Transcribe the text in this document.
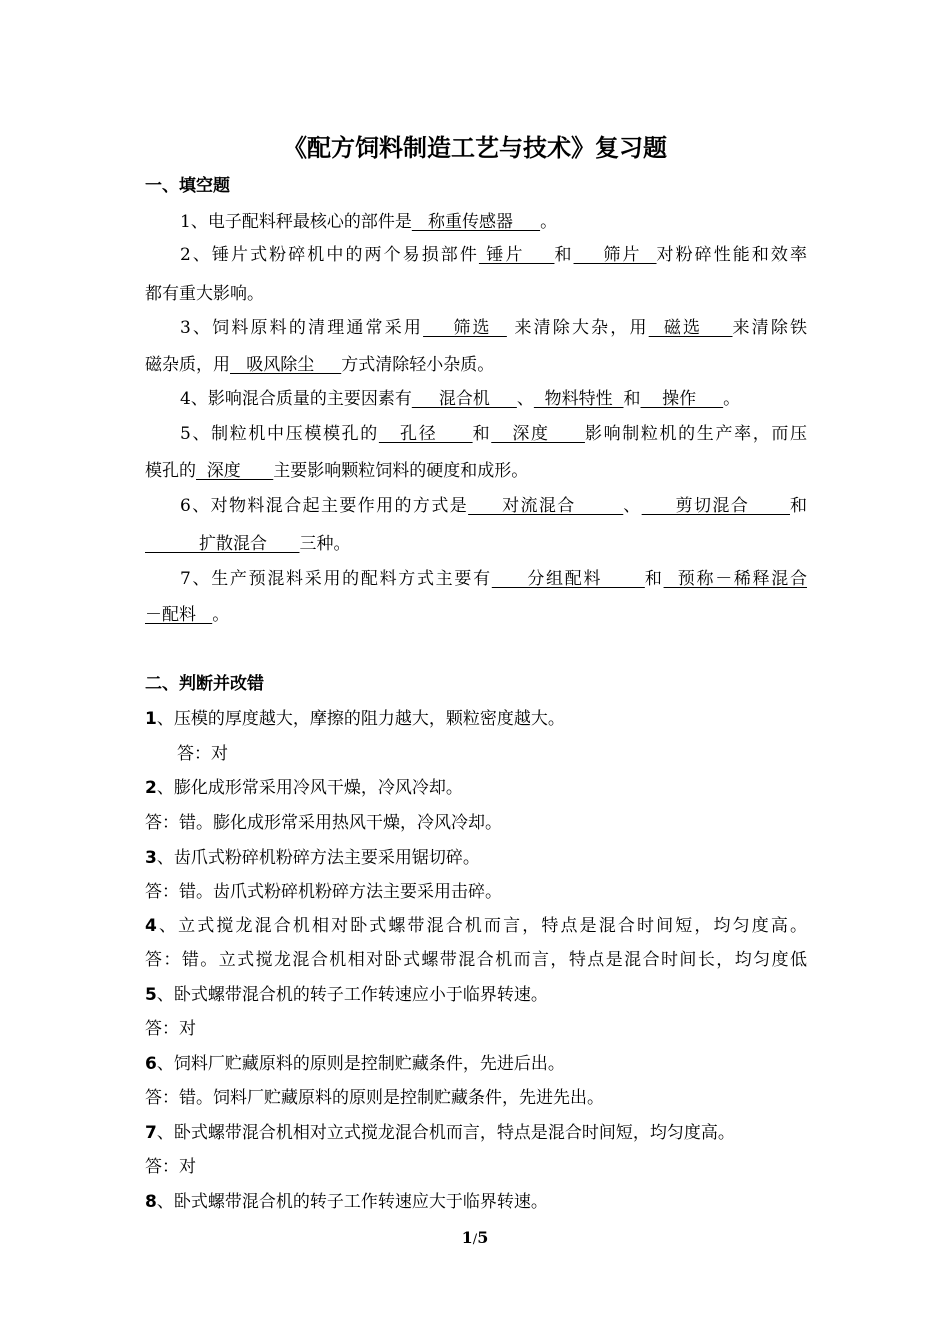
《配方饲料制造工艺与技术》复习题
一、填空题
1、电子配料秤最核心的部件是   称重传感器     。
2、锤片式粉碎机中的两个易损部件 锤片    和    筛片  对粉碎性能和效率
都有重大影响。
3、饲料原料的清理通常采用    筛选   来清除大杂，用  磁选    来清除铁
磁杂质，用   吸风除尘     方式清除轻小杂质。
4、影响混合质量的主要因素有     混合机     、  物料特性  和    操作     。
5、制粒机中压模模孔的   孔径     和   深度     影响制粒机的生产率，而压
模孔的  深度      主要影响颗粒饲料的硬度和成形。
6、对物料混合起主要作用的方式是     对流混合       、     剪切混合      和
扩散混合      三种。
7、生产预混料采用的配料方式主要有     分组配料      和  预称－稀释混合
－配料   。
二、判断并改错
1、压模的厚度越大，摩擦的阻力越大，颗粒密度越大。
答：对
2、膨化成形常采用冷风干燥，冷风冷却。
答：错。膨化成形常采用热风干燥，冷风冷却。
3、齿爪式粉碎机粉碎方法主要采用锯切碎。
答：错。齿爪式粉碎机粉碎方法主要采用击碎。
4、立式搅龙混合机相对卧式螺带混合机而言，特点是混合时间短，均匀度高。
答：错。立式搅龙混合机相对卧式螺带混合机而言，特点是混合时间长，均匀度低
5、卧式螺带混合机的转子工作转速应小于临界转速。
答：对
6、饲料厂贮藏原料的原则是控制贮藏条件，先进后出。
答：错。饲料厂贮藏原料的原则是控制贮藏条件，先进先出。
7、卧式螺带混合机相对立式搅龙混合机而言，特点是混合时间短，均匀度高。
答：对
8、卧式螺带混合机的转子工作转速应大于临界转速。
1/5
